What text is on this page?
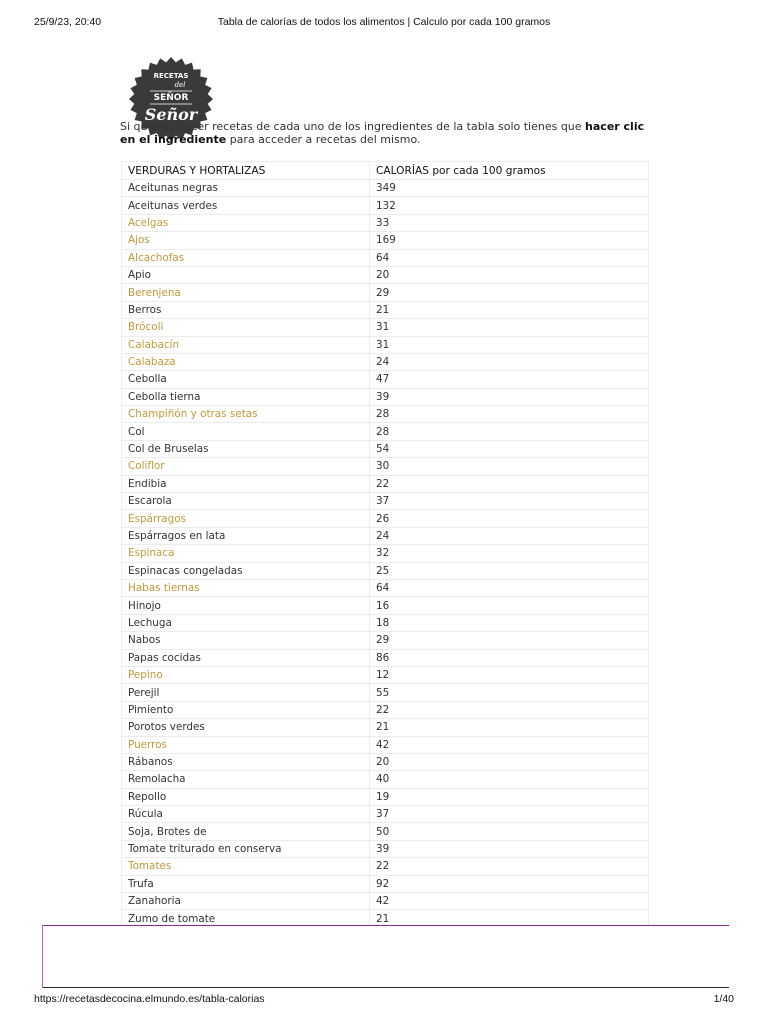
25/9/23, 20:40	Tabla de calorías de todos los alimentos | Calculo por cada 100 gramos
RECETAS
del
SEÑOR
Señor
Si quieres hacer recetas de cada uno de los ingredientes de la tabla solo tienes que hacer clic en el ingrediente para acceder a recetas del mismo.
VERDURAS Y HORTALIZAS	CALORÍAS por cada 100 gramos
Aceitunas negras	349
Aceitunas verdes	132
Acelgas	33
Ajos	169
Alcachofas	64
Apio	20
Berenjena	29
Berros	21
Brócoli	31
Calabacín	31
Calabaza	24
Cebolla	47
Cebolla tierna	39
Champiñón y otras setas	28
Col	28
Col de Bruselas	54
Coliflor	30
Endibia	22
Escarola	37
Espárragos	26
Espárragos en lata	24
Espinaca	32
Espinacas congeladas	25
Habas tiernas	64
Hinojo	16
Lechuga	18
Nabos	29
Papas cocidas	86
Pepino	12
Perejil	55
Pimiento	22
Porotos verdes	21
Puerros	42
Rábanos	20
Remolacha	40
Repollo	19
Rúcula	37
Soja, Brotes de	50
Tomate triturado en conserva	39
Tomates	22
Trufa	92
Zanahoria	42
Zumo de tomate	21
https://recetasdecocina.elmundo.es/tabla-calorias	1/40
